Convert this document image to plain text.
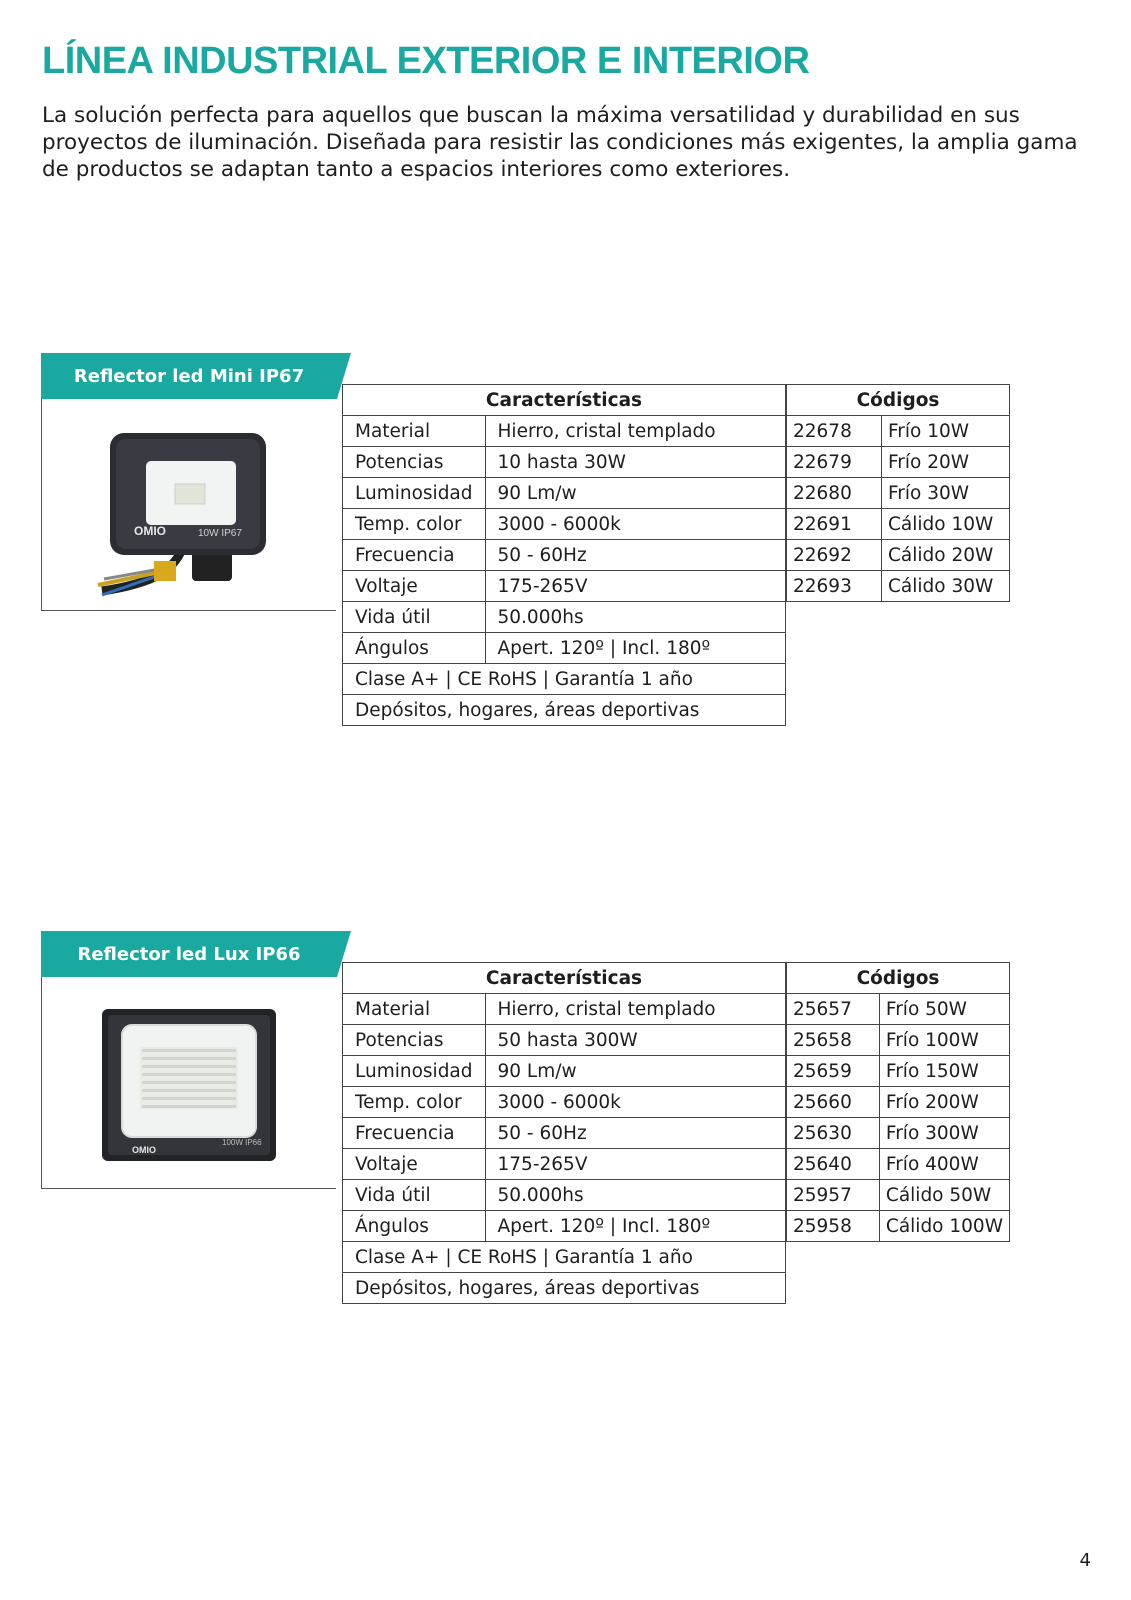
LÍNEA INDUSTRIAL EXTERIOR E INTERIOR

La solución perfecta para aquellos que buscan la máxima versatilidad y durabilidad en sus proyectos de iluminación. Diseñada para resistir las condiciones más exigentes, la amplia gama de productos se adaptan tanto a espacios interiores como exteriores.

Reflector led Mini IP67
OMIO	10W IP67
Características	
Material	Hierro, cristal templado
Potencias	10 hasta 30W
Luminosidad	90 Lm/w
Temp. color	3000 - 6000k
Frecuencia	50 - 60Hz
Voltaje	175-265V
Vida útil	50.000hs
Ángulos	Apert. 120º | Incl. 180º
Clase A+ | CE RoHS | Garantía 1 año	
Depósitos, hogares, áreas deportivas	
Códigos	
22678	Frío 10W
22679	Frío 20W
22680	Frío 30W
22691	Cálido 10W
22692	Cálido 20W
22693	Cálido 30W
Reflector led Lux IP66
OMIO
100W IP66
Características	
Material	Hierro, cristal templado
Potencias	50 hasta 300W
Luminosidad	90 Lm/w
Temp. color	3000 - 6000k
Frecuencia	50 - 60Hz
Voltaje	175-265V
Vida útil	50.000hs
Ángulos	Apert. 120º | Incl. 180º
Clase A+ | CE RoHS | Garantía 1 año	
Depósitos, hogares, áreas deportivas	
Códigos	
25657	Frío 50W
25658	Frío 100W
25659	Frío 150W
25660	Frío 200W
25630	Frío 300W
25640	Frío 400W
25957	Cálido 50W
25958	Cálido 100W
4
